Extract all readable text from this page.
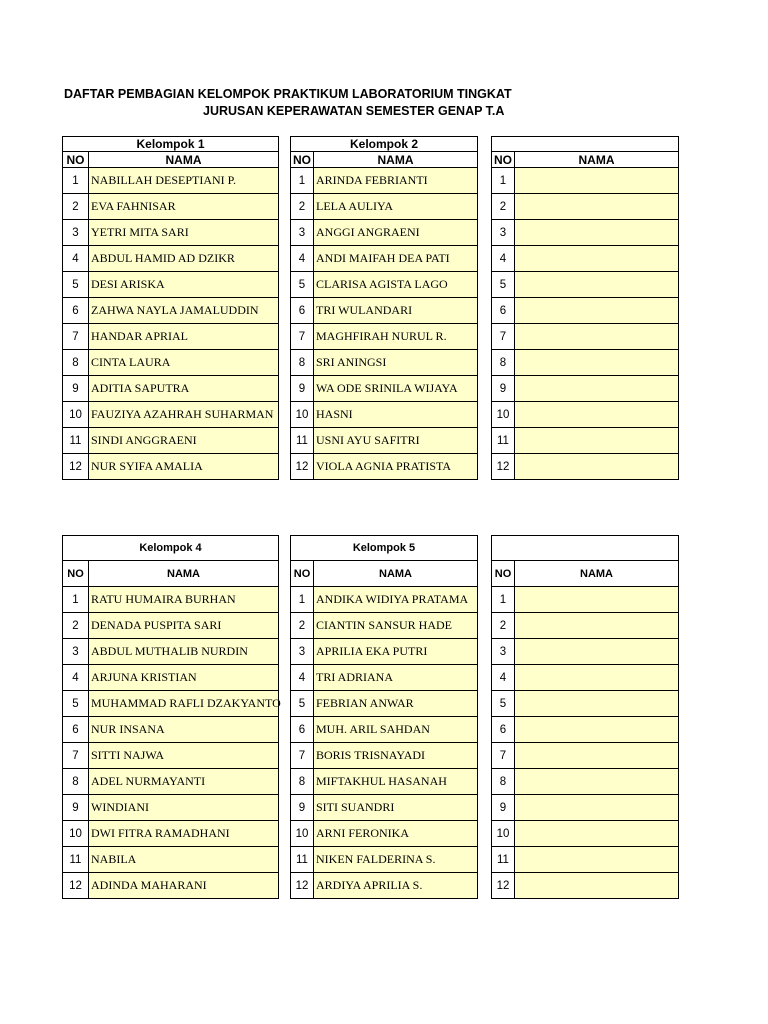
DAFTAR PEMBAGIAN KELOMPOK PRAKTIKUM LABORATORIUM TINGKAT
JURUSAN KEPERAWATAN SEMESTER GENAP T.A
Kelompok 1	
NO	NAMA
1	NABILLAH DESEPTIANI P.
2	EVA FAHNISAR
3	YETRI MITA SARI
4	ABDUL HAMID AD DZIKR
5	DESI ARISKA
6	ZAHWA NAYLA JAMALUDDIN
7	HANDAR APRIAL
8	CINTA LAURA
9	ADITIA SAPUTRA
10	FAUZIYA AZAHRAH SUHARMAN
11	SINDI ANGGRAENI
12	NUR SYIFA AMALIA
Kelompok 2	
NO	NAMA
1	ARINDA FEBRIANTI
2	LELA AULIYA
3	ANGGI ANGRAENI
4	ANDI MAIFAH DEA PATI
5	CLARISA AGISTA LAGO
6	TRI WULANDARI
7	MAGHFIRAH NURUL R.
8	SRI ANINGSI
9	WA ODE SRINILA WIJAYA
10	HASNI
11	USNI AYU SAFITRI
12	VIOLA AGNIA PRATISTA

NO	NAMA
1	
2	
3	
4	
5	
6	
7	
8	
9	
10	
11	
12	
Kelompok 4	
NO	NAMA
1	RATU HUMAIRA BURHAN
2	DENADA PUSPITA SARI
3	ABDUL MUTHALIB NURDIN
4	ARJUNA KRISTIAN
5	MUHAMMAD RAFLI DZAKYANTO
6	NUR INSANA
7	SITTI NAJWA
8	ADEL NURMAYANTI
9	WINDIANI
10	DWI FITRA RAMADHANI
11	NABILA
12	ADINDA MAHARANI
Kelompok 5	
NO	NAMA
1	ANDIKA WIDIYA PRATAMA
2	CIANTIN SANSUR HADE
3	APRILIA EKA PUTRI
4	TRI ADRIANA
5	FEBRIAN ANWAR
6	MUH. ARIL SAHDAN
7	BORIS TRISNAYADI
8	MIFTAKHUL HASANAH
9	SITI SUANDRI
10	ARNI FERONIKA
11	NIKEN FALDERINA S.
12	ARDIYA APRILIA S.

NO	NAMA
1	
2	
3	
4	
5	
6	
7	
8	
9	
10	
11	
12	
